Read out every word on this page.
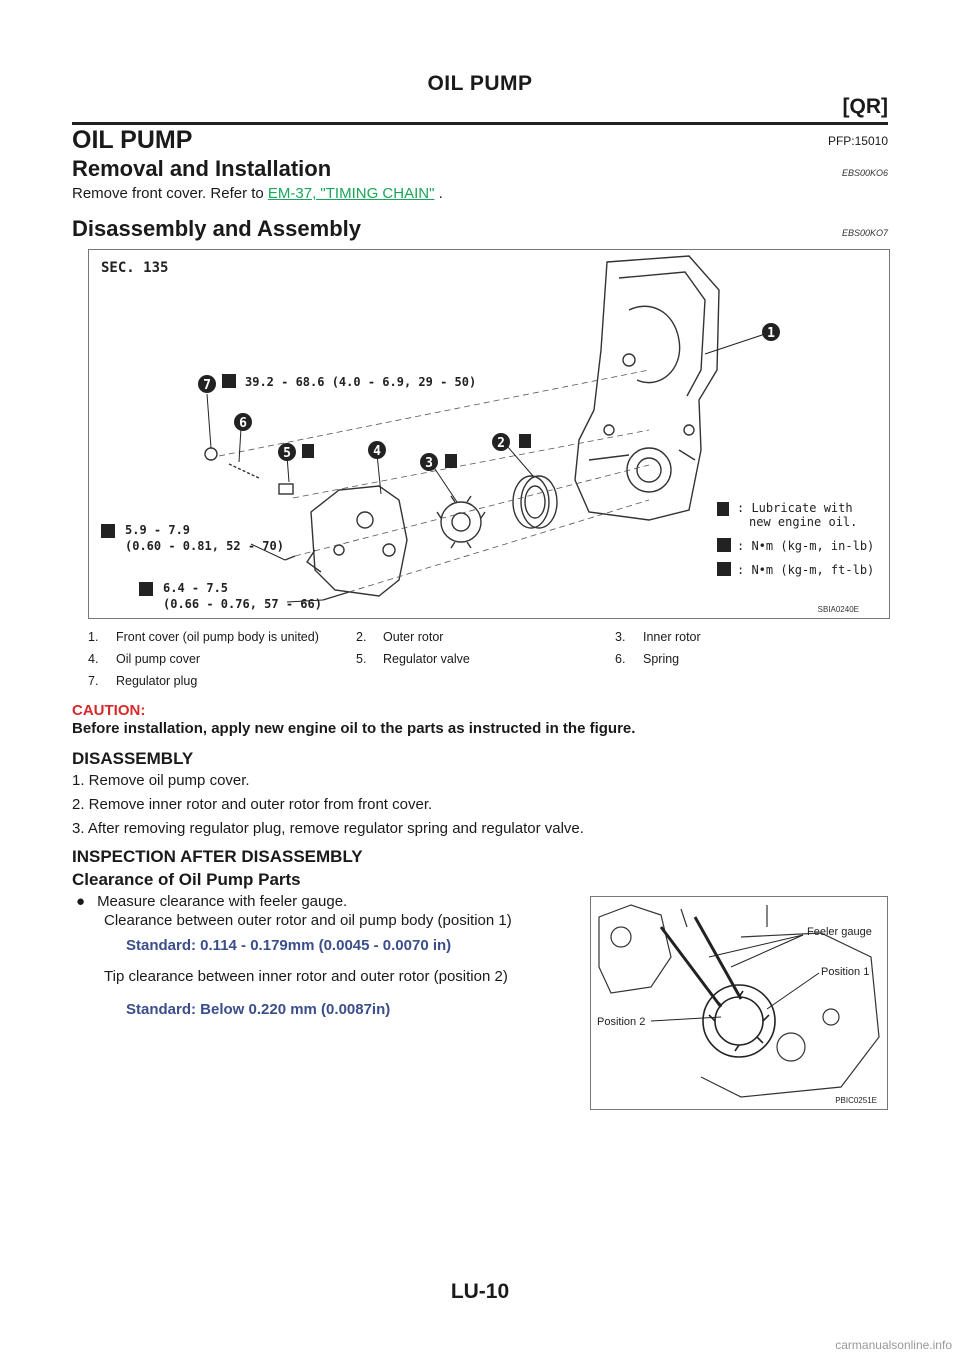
OIL PUMP
[QR]
OIL PUMP	PFP:15010
Removal and Installation	EBS00KO6
Remove front cover. Refer to EM-37, "TIMING CHAIN" .
Disassembly and Assembly	EBS00KO7
SEC. 135
1
2
3
4
5
6
7	39.2 - 68.6 (4.0 - 6.9, 29 - 50)
5.9 - 7.9
(0.60 - 0.81, 52 - 70)
6.4 - 7.5
(0.66 - 0.76, 57 - 66)
: Lubricate with
new engine oil.
: N•m (kg-m, in-lb)
: N•m (kg-m, ft-lb)
SBIA0240E
1.	Front cover (oil pump body is united)	2.	Outer rotor	3.	Inner rotor
4.	Oil pump cover	5.	Regulator valve	6.	Spring
7.	Regulator plug				
CAUTION:
Before installation, apply new engine oil to the parts as instructed in the figure.
DISASSEMBLY
1. Remove oil pump cover.
2. Remove inner rotor and outer rotor from front cover.
3. After removing regulator plug, remove regulator spring and regulator valve.
INSPECTION AFTER DISASSEMBLY
Clearance of Oil Pump Parts
● Measure clearance with feeler gauge.
Clearance between outer rotor and oil pump body (position 1)
Standard: 0.114 - 0.179mm (0.0045 - 0.0070 in)
Tip clearance between inner rotor and outer rotor (position 2)
Standard: Below 0.220 mm (0.0087in)
Feeler gauge
Position 1
Position 2
PBIC0251E
LU-10
carmanualsonline.info
